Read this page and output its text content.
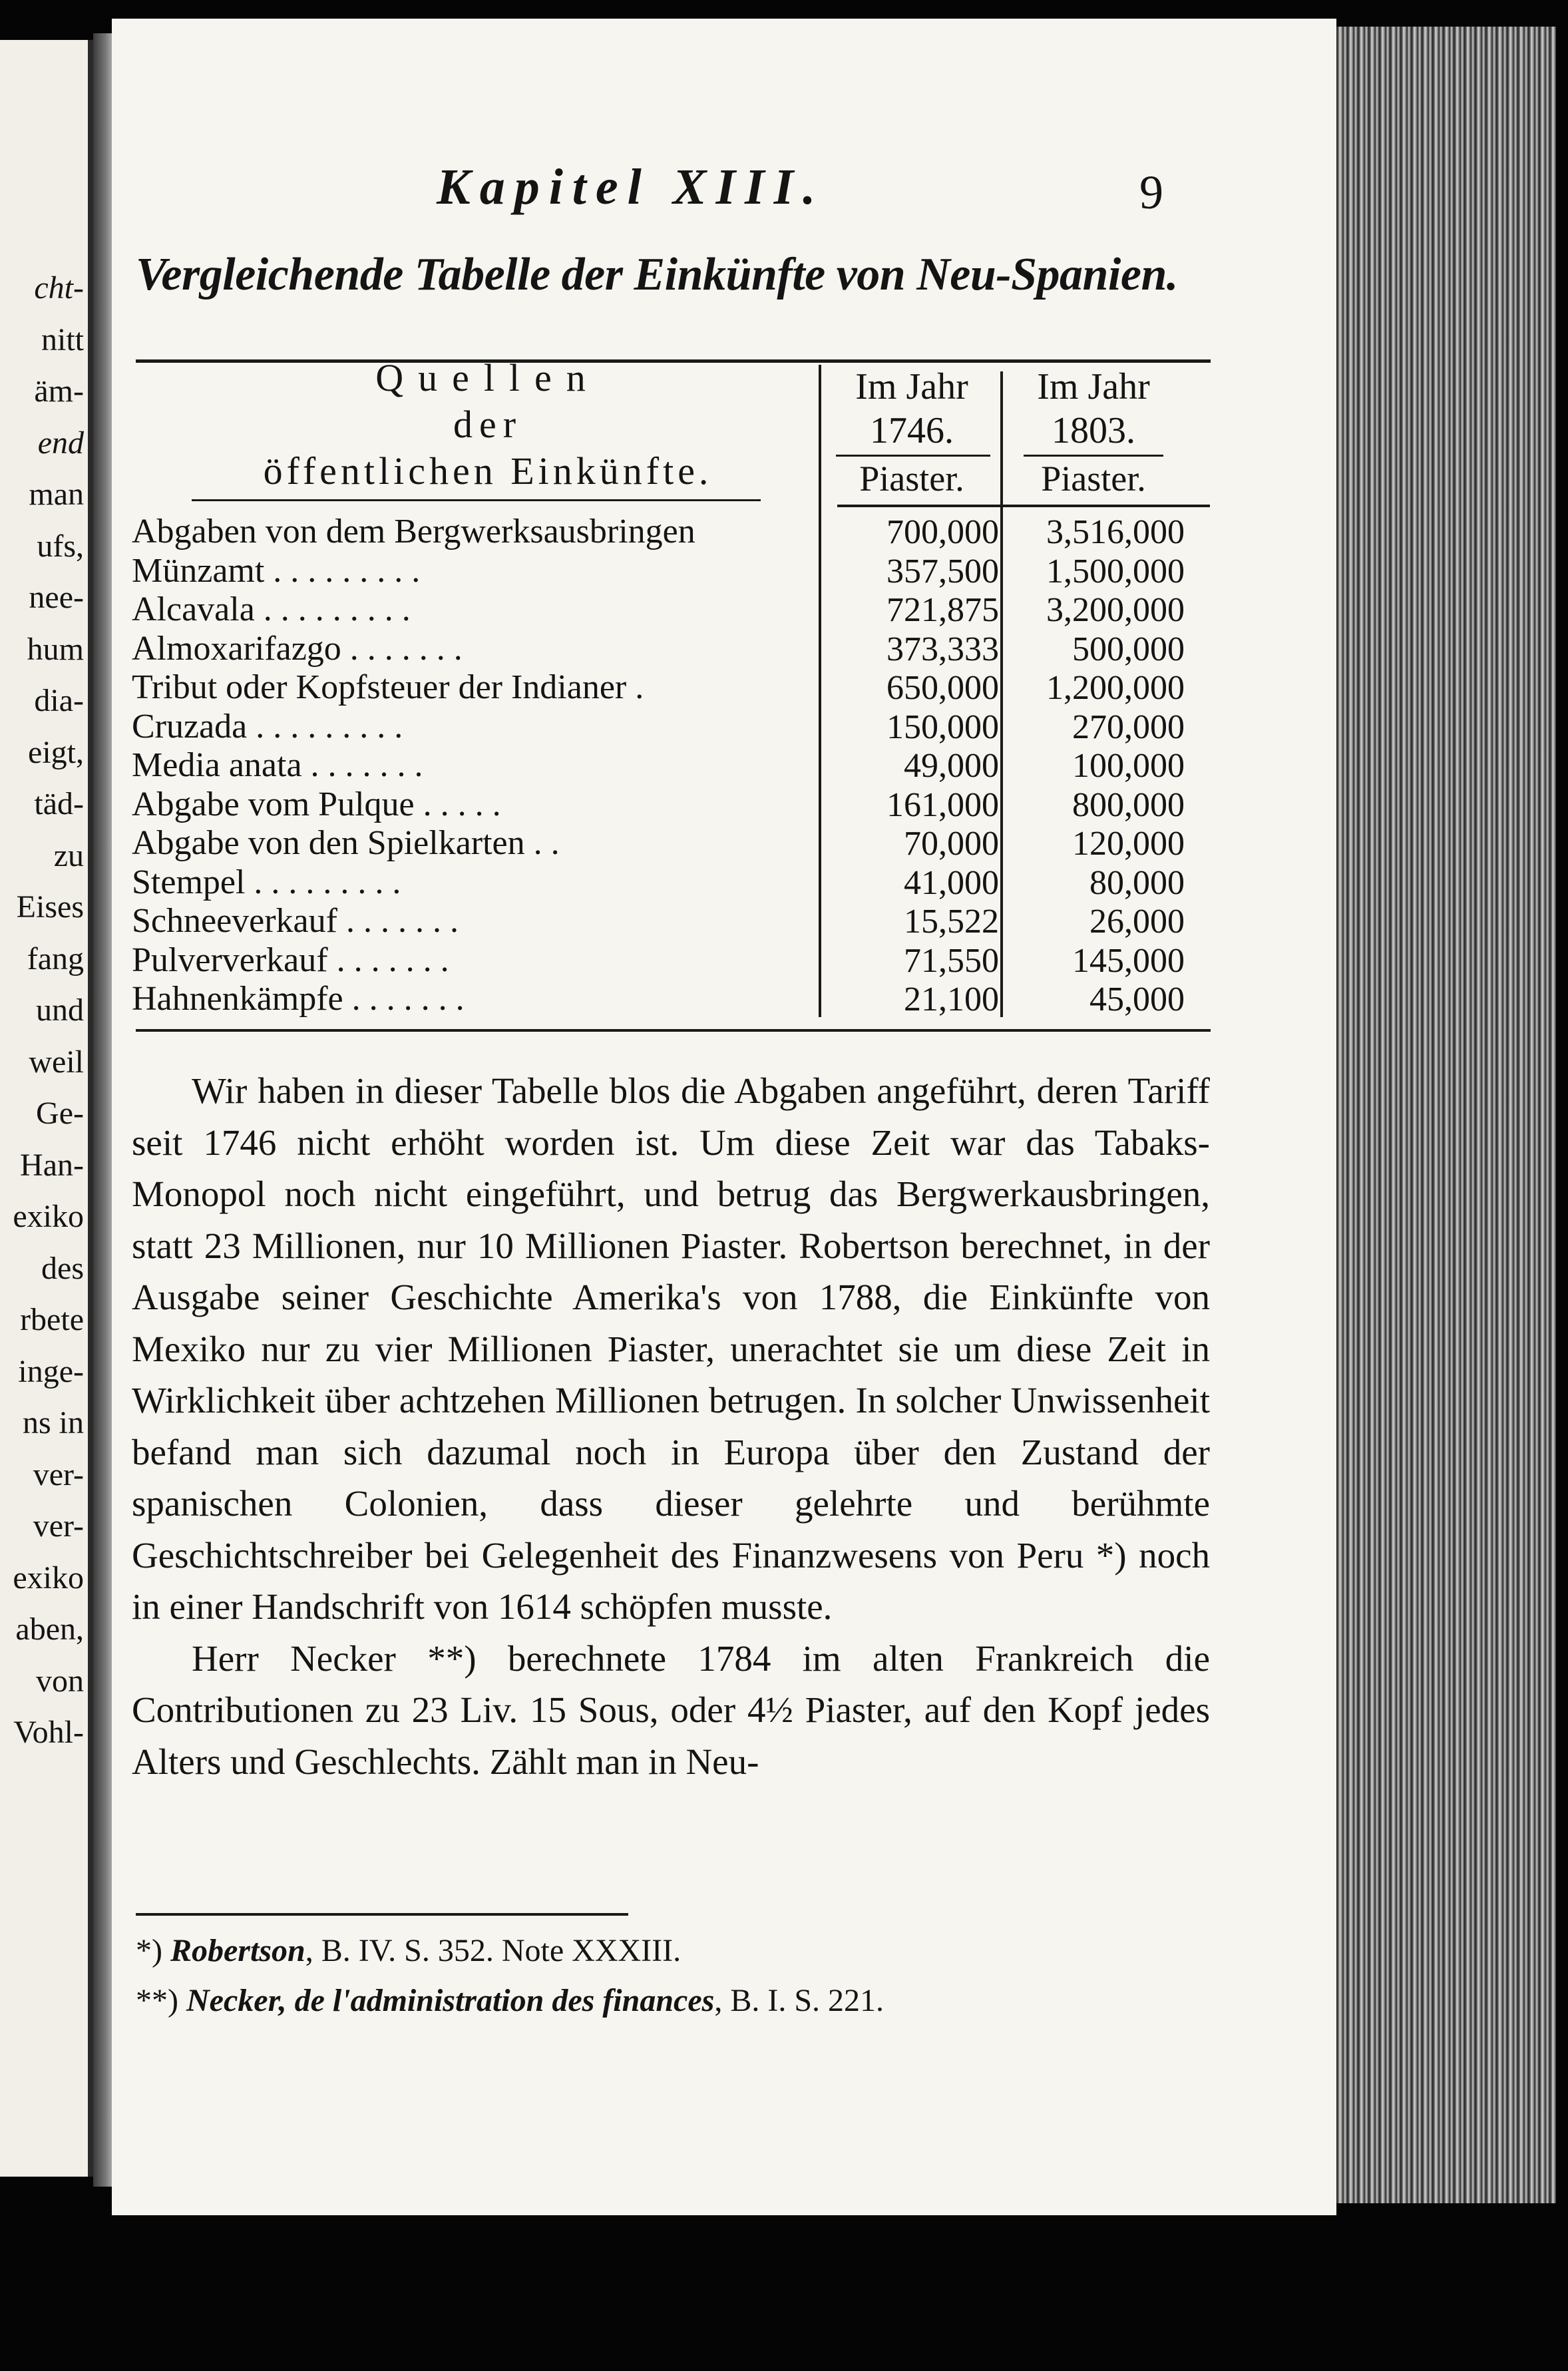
cht-
nitt
äm-
end
man
ufs,
nee-
hum
dia-
eigt,
täd-
zu
Eises
fang
und
weil
Ge-
Han-
exiko
des
rbete
inge-
ns in
ver-
ver-
exiko
aben,
von
Vohl-
Kapitel XIII.	9
Vergleichende Tabelle der Einkünfte von Neu-Spanien.
Quellen
der
öffentlichen Einkünfte.
Im Jahr
1746.
Im Jahr
1803.
Piaster.	Piaster.
Abgaben von dem Bergwerksausbringen	700,000	3,516,000
Münzamt . . . . . . . . .	357,500	1,500,000
Alcavala . . . . . . . . .	721,875	3,200,000
Almoxarifazgo . . . . . . .	373,333	500,000
Tribut oder Kopfsteuer der Indianer .	650,000	1,200,000
Cruzada . . . . . . . . .	150,000	270,000
Media anata . . . . . . .	49,000	100,000
Abgabe vom Pulque . . . . .	161,000	800,000
Abgabe von den Spielkarten . .	70,000	120,000
Stempel . . . . . . . . .	41,000	80,000
Schneeverkauf . . . . . . .	15,522	26,000
Pulververkauf . . . . . . .	71,550	145,000
Hahnenkämpfe . . . . . . .	21,100	45,000

Wir haben in dieser Tabelle blos die Abgaben angeführt, deren Tariff seit 1746 nicht erhöht worden ist. Um diese Zeit war das Tabaks-Monopol noch nicht eingeführt, und betrug das Bergwerkausbringen, statt 23 Millionen, nur 10 Millionen Piaster. Robertson berechnet, in der Ausgabe seiner Geschichte Amerika's von 1788, die Einkünfte von Mexiko nur zu vier Millionen Piaster, unerachtet sie um diese Zeit in Wirklichkeit über achtzehen Millionen betrugen. In solcher Unwissenheit befand man sich dazumal noch in Europa über den Zustand der spanischen Colonien, dass dieser gelehrte und berühmte Geschichtschreiber bei Gelegenheit des Finanzwesens von Peru *) noch in einer Handschrift von 1614 schöpfen musste.

Herr Necker **) berechnete 1784 im alten Frankreich die Contributionen zu 23 Liv. 15 Sous, oder 4½ Piaster, auf den Kopf jedes Alters und Geschlechts. Zählt man in Neu-

*) Robertson, B. IV. S. 352. Note XXXIII.
**) Necker, de l'administration des finances, B. I. S. 221.
